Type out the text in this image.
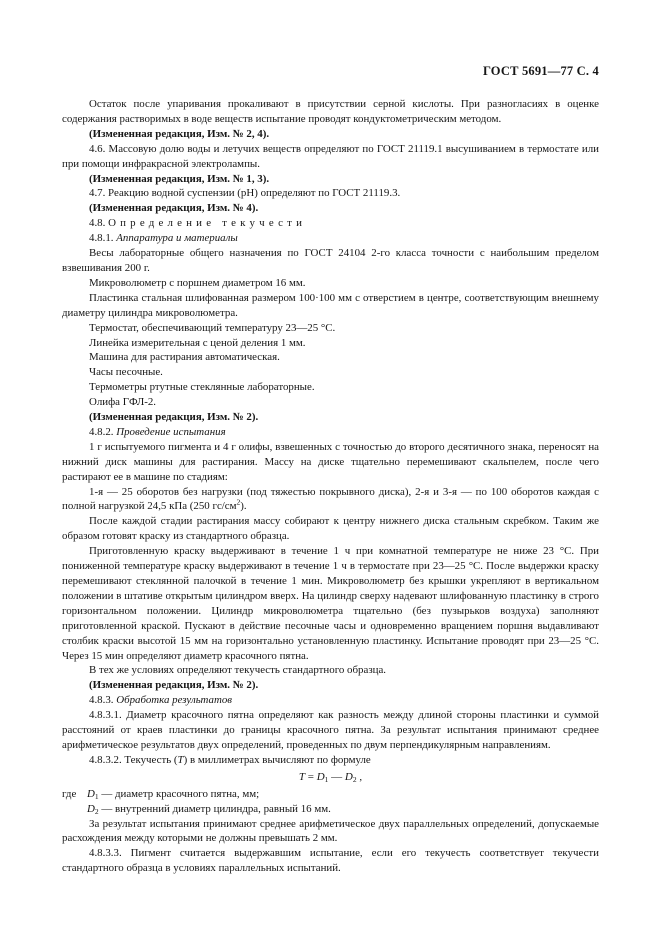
ГОСТ 5691—77 С. 4

Остаток после упаривания прокаливают в присутствии серной кислоты. При разногласиях в оценке содержания растворимых в воде веществ испытание проводят кондуктометрическим методом.

(Измененная редакция, Изм. № 2, 4).

4.6. Массовую долю воды и летучих веществ определяют по ГОСТ 21119.1 высушиванием в термостате или при помощи инфракрасной электролампы.

(Измененная редакция, Изм. № 1, 3).

4.7. Реакцию водной суспензии (рН) определяют по ГОСТ 21119.3.

(Измененная редакция, Изм. № 4).

4.8. Определение текучести

4.8.1. Аппаратура и материалы

Весы лабораторные общего назначения по ГОСТ 24104 2-го класса точности с наибольшим пределом взвешивания 200 г.

Микроволюметр с поршнем диаметром 16 мм.

Пластинка стальная шлифованная размером 100·100 мм с отверстием в центре, соответствующим внешнему диаметру цилиндра микроволюметра.

Термостат, обеспечивающий температуру 23—25 °С.

Линейка измерительная с ценой деления 1 мм.

Машина для растирания автоматическая.

Часы песочные.

Термометры ртутные стеклянные лабораторные.

Олифа ГФЛ-2.

(Измененная редакция, Изм. № 2).

4.8.2. Проведение испытания

1 г испытуемого пигмента и 4 г олифы, взвешенных с точностью до второго десятичного знака, переносят на нижний диск машины для растирания. Массу на диске тщательно перемешивают скальпелем, после чего растирают ее в машине по стадиям:

1-я — 25 оборотов без нагрузки (под тяжестью покрывного диска), 2-я и 3-я — по 100 оборотов каждая с полной нагрузкой 24,5 кПа (250 $гс/см^2$).

После каждой стадии растирания массу собирают к центру нижнего диска стальным скребком. Таким же образом готовят краску из стандартного образца.

Приготовленную краску выдерживают в течение 1 ч при комнатной температуре не ниже 23 °С. При пониженной температуре краску выдерживают в течение 1 ч в термостате при 23—25 °С. После выдержки краску перемешивают стеклянной палочкой в течение 1 мин. Микроволюметр без крышки укрепляют в вертикальном положении в штативе открытым цилиндром вверх. На цилиндр сверху надевают шлифованную пластинку в строго горизонтальном положении. Цилиндр микроволюметра тщательно (без пузырьков воздуха) заполняют приготовленной краской. Пускают в действие песочные часы и одновременно вращением поршня выдавливают столбик краски высотой 15 мм на горизонтально установленную пластинку. Испытание проводят при 23—25 °С. Через 15 мин определяют диаметр красочного пятна.

В тех же условиях определяют текучесть стандартного образца.

(Измененная редакция, Изм. № 2).

4.8.3. Обработка результатов

4.8.3.1. Диаметр красочного пятна определяют как разность между длиной стороны пластинки и суммой расстояний от краев пластинки до границы красочного пятна. За результат испытания принимают среднее арифметическое результатов двух определений, проведенных по двум перпендикулярным направлениям.

4.8.3.2. Текучесть (T) в миллиметрах вычисляют по формуле

$T = D_1$ — $D_2$ ,
где $D_1$ — диаметр красочного пятна, мм;
$D_2$ — внутренний диаметр цилиндра, равный 16 мм.

За результат испытания принимают среднее арифметическое двух параллельных определений, допускаемые расхождения между которыми не должны превышать 2 мм.

4.8.3.3. Пигмент считается выдержавшим испытание, если его текучесть соответствует текучести стандартного образца в условиях параллельных испытаний.
